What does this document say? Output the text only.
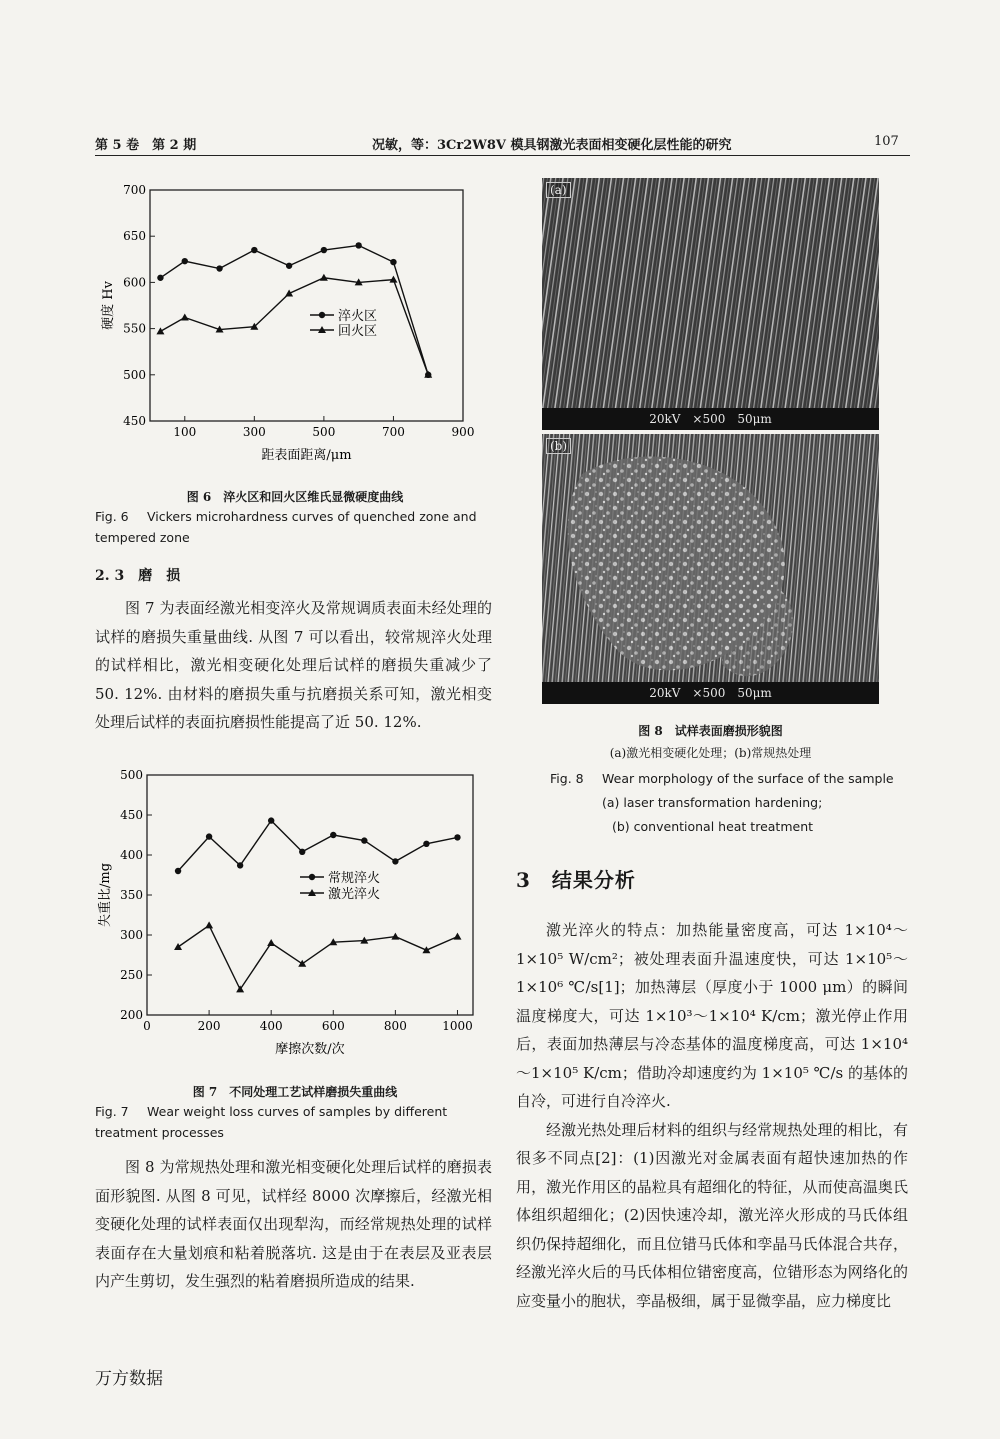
第 5 卷　第 2 期	况敏，等：3Cr2W8V 模具钢激光表面相变硬化层性能的研究	107
450
500
550
600
650
700
100	300	500	700	900
距表面距离/μm
硬度 Hv	淬火区
回火区
图 6　淬火区和回火区维氏显微硬度曲线
Fig. 6 Vickers microhardness curves of quenched zone and tempered zone
2. 3　磨　损

图 7 为表面经激光相变淬火及常规调质表面未经处理的试样的磨损失重量曲线. 从图 7 可以看出，较常规淬火处理的试样相比，激光相变硬化处理后试样的磨损失重减少了 50. 12%. 由材料的磨损失重与抗磨损关系可知，激光相变处理后试样的表面抗磨损性能提高了近 50. 12%.

200
250
300
350
400
450
500
0	200	400	600	800	1000
摩擦次数/次
失重比/mg	常规淬火
激光淬火
图 7　不同处理工艺试样磨损失重曲线
Fig. 7 Wear weight loss curves of samples by different treatment processes

图 8 为常规热处理和激光相变硬化处理后试样的磨损表面形貌图. 从图 8 可见，试样经 8000 次摩擦后，经激光相变硬化处理的试样表面仅出现犁沟，而经常规热处理的试样表面存在大量划痕和粘着脱落坑. 这是由于在表层及亚表层内产生剪切，发生强烈的粘着磨损所造成的结果.

(a)
20kV　×500　50μm
(b)
20kV　×500　50μm
图 8　试样表面磨损形貌图
(a)激光相变硬化处理；(b)常规热处理
Fig. 8 Wear morphology of the surface of the sample
(a) laser transformation hardening;
(b) conventional heat treatment
3　结果分析

激光淬火的特点：加热能量密度高，可达 1×10⁴～1×10⁵ W/cm²；被处理表面升温速度快，可达 1×10⁵～1×10⁶ ℃/s[1]；加热薄层（厚度小于 1000 μm）的瞬间温度梯度大，可达 1×10³～1×10⁴ K/cm；激光停止作用后，表面加热薄层与冷态基体的温度梯度高，可达 1×10⁴～1×10⁵ K/cm；借助冷却速度约为 1×10⁵ ℃/s 的基体的自冷，可进行自冷淬火.

经激光热处理后材料的组织与经常规热处理的相比，有很多不同点[2]：(1)因激光对金属表面有超快速加热的作用，激光作用区的晶粒具有超细化的特征，从而使高温奥氏体组织超细化；(2)因快速冷却，激光淬火形成的马氏体组织仍保持超细化，而且位错马氏体和孪晶马氏体混合共存，经激光淬火后的马氏体相位错密度高，位错形态为网络化的应变量小的胞状，孪晶极细，属于显微孪晶，应力梯度比

万方数据
